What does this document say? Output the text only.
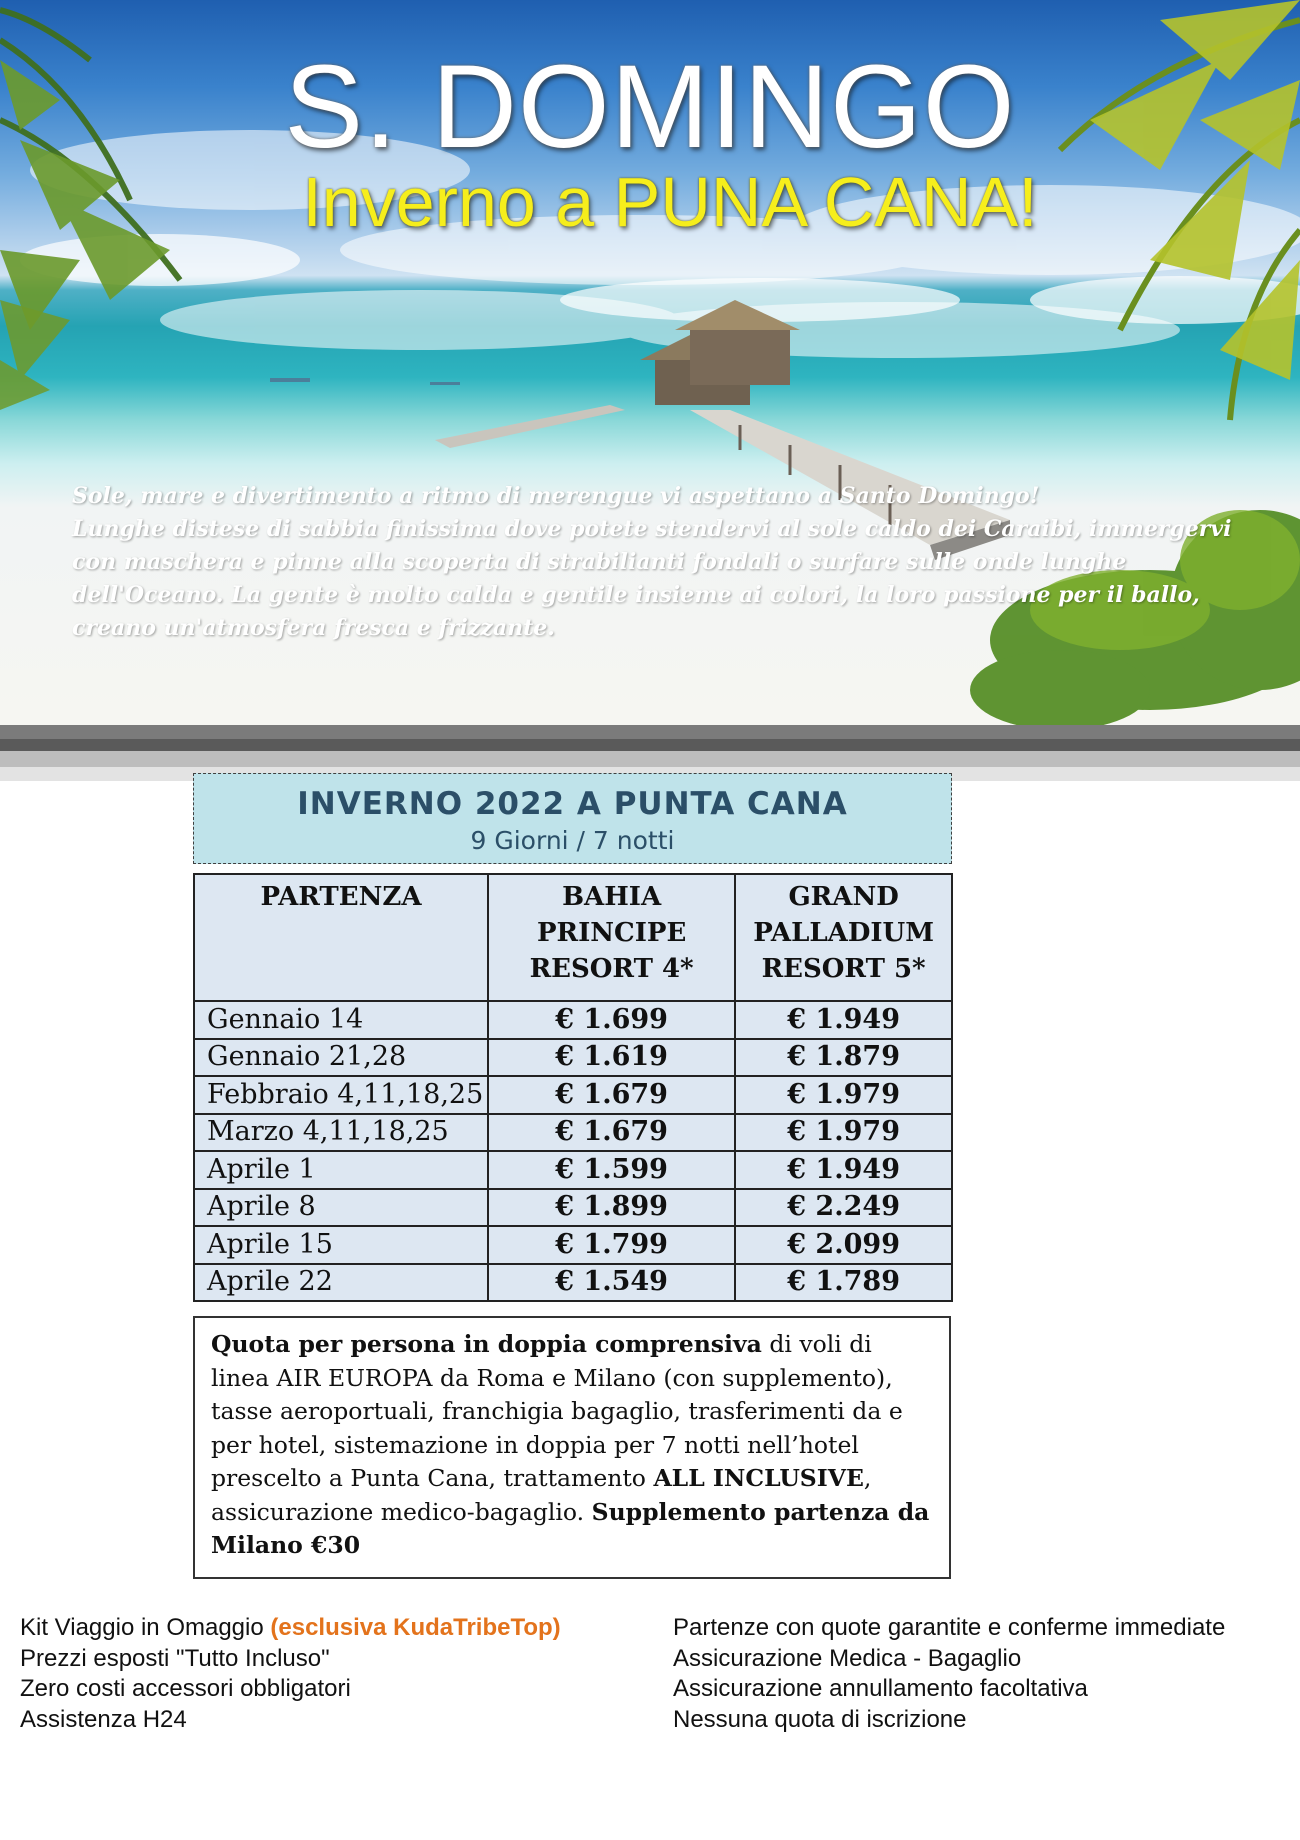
S. DOMINGO
Inverno a PUNA CANA!
Sole, mare e divertimento a ritmo di merengue vi aspettano a Santo Domingo!
Lunghe distese di sabbia finissima dove potete stendervi al sole caldo dei Caraibi, immergervi
con maschera e pinne alla scoperta di strabilianti fondali o surfare sulle onde lunghe
dell'Oceano. La gente è molto calda e gentile insieme ai colori, la loro passione per il ballo,
creano un'atmosfera fresca e frizzante.
INVERNO 2022 A PUNTA CANA
9 Giorni / 7 notti
PARTENZA	BAHIA PRINCIPE RESORT 4*	GRAND PALLADIUM RESORT 5*
Gennaio 14	€ 1.699	€ 1.949
Gennaio 21,28	€ 1.619	€ 1.879
Febbraio 4,11,18,25	€ 1.679	€ 1.979
Marzo 4,11,18,25	€ 1.679	€ 1.979
Aprile 1	€ 1.599	€ 1.949
Aprile 8	€ 1.899	€ 2.249
Aprile 15	€ 1.799	€ 2.099
Aprile 22	€ 1.549	€ 1.789
Quota per persona in doppia comprensiva di voli di linea AIR EUROPA da Roma e Milano (con supplemento), tasse aeroportuali, franchigia bagaglio, trasferimenti da e per hotel, sistemazione in doppia per 7 notti nell’hotel prescelto a Punta Cana, trattamento ALL INCLUSIVE, assicurazione medico-bagaglio. Supplemento partenza da Milano €30
Kit Viaggio in Omaggio (esclusiva KudaTribeTop)
Prezzi esposti "Tutto Incluso"
Zero costi accessori obbligatori
Assistenza H24
Partenze con quote garantite e conferme immediate
Assicurazione Medica - Bagaglio
Assicurazione annullamento facoltativa
Nessuna quota di iscrizione
